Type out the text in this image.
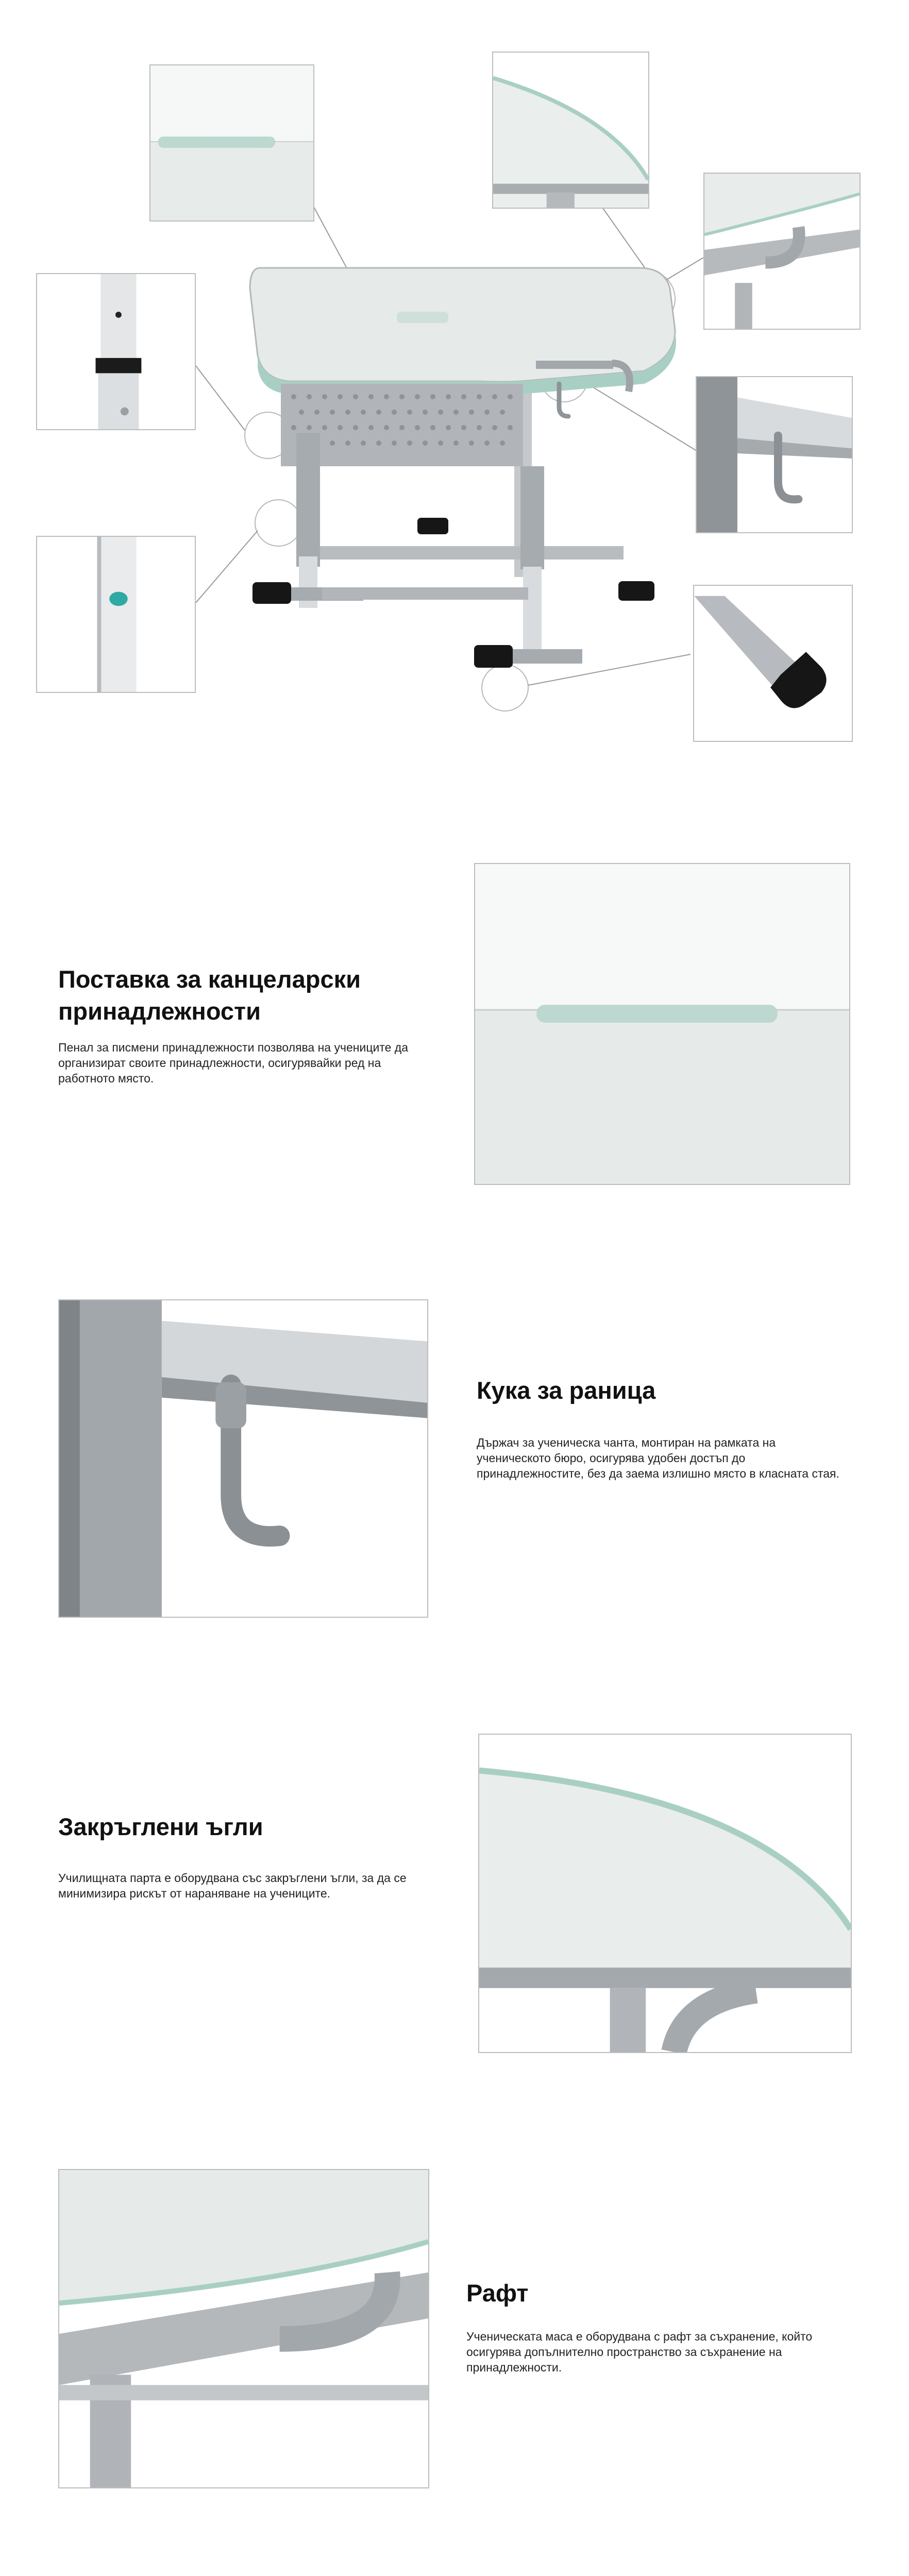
Поставка за канцеларски принадлежности

Пенал за писмени принадлежности позволява на учениците да организират своите принадлежности, осигурявайки ред на работното място.

Кука за раница

Държач за ученическа чанта, монтиран на рамката на ученическото бюро, осигурява удобен достъп до принадлежностите, без да заема излишно място в класната стая.

Закръглени ъгли

Училищната парта е оборудвана със закръглени ъгли, за да се минимизира рискът от нараняване на учениците.

Рафт

Ученическата маса е оборудвана с рафт за съхранение, който осигурява допълнително пространство за съхранение на принадлежности.
